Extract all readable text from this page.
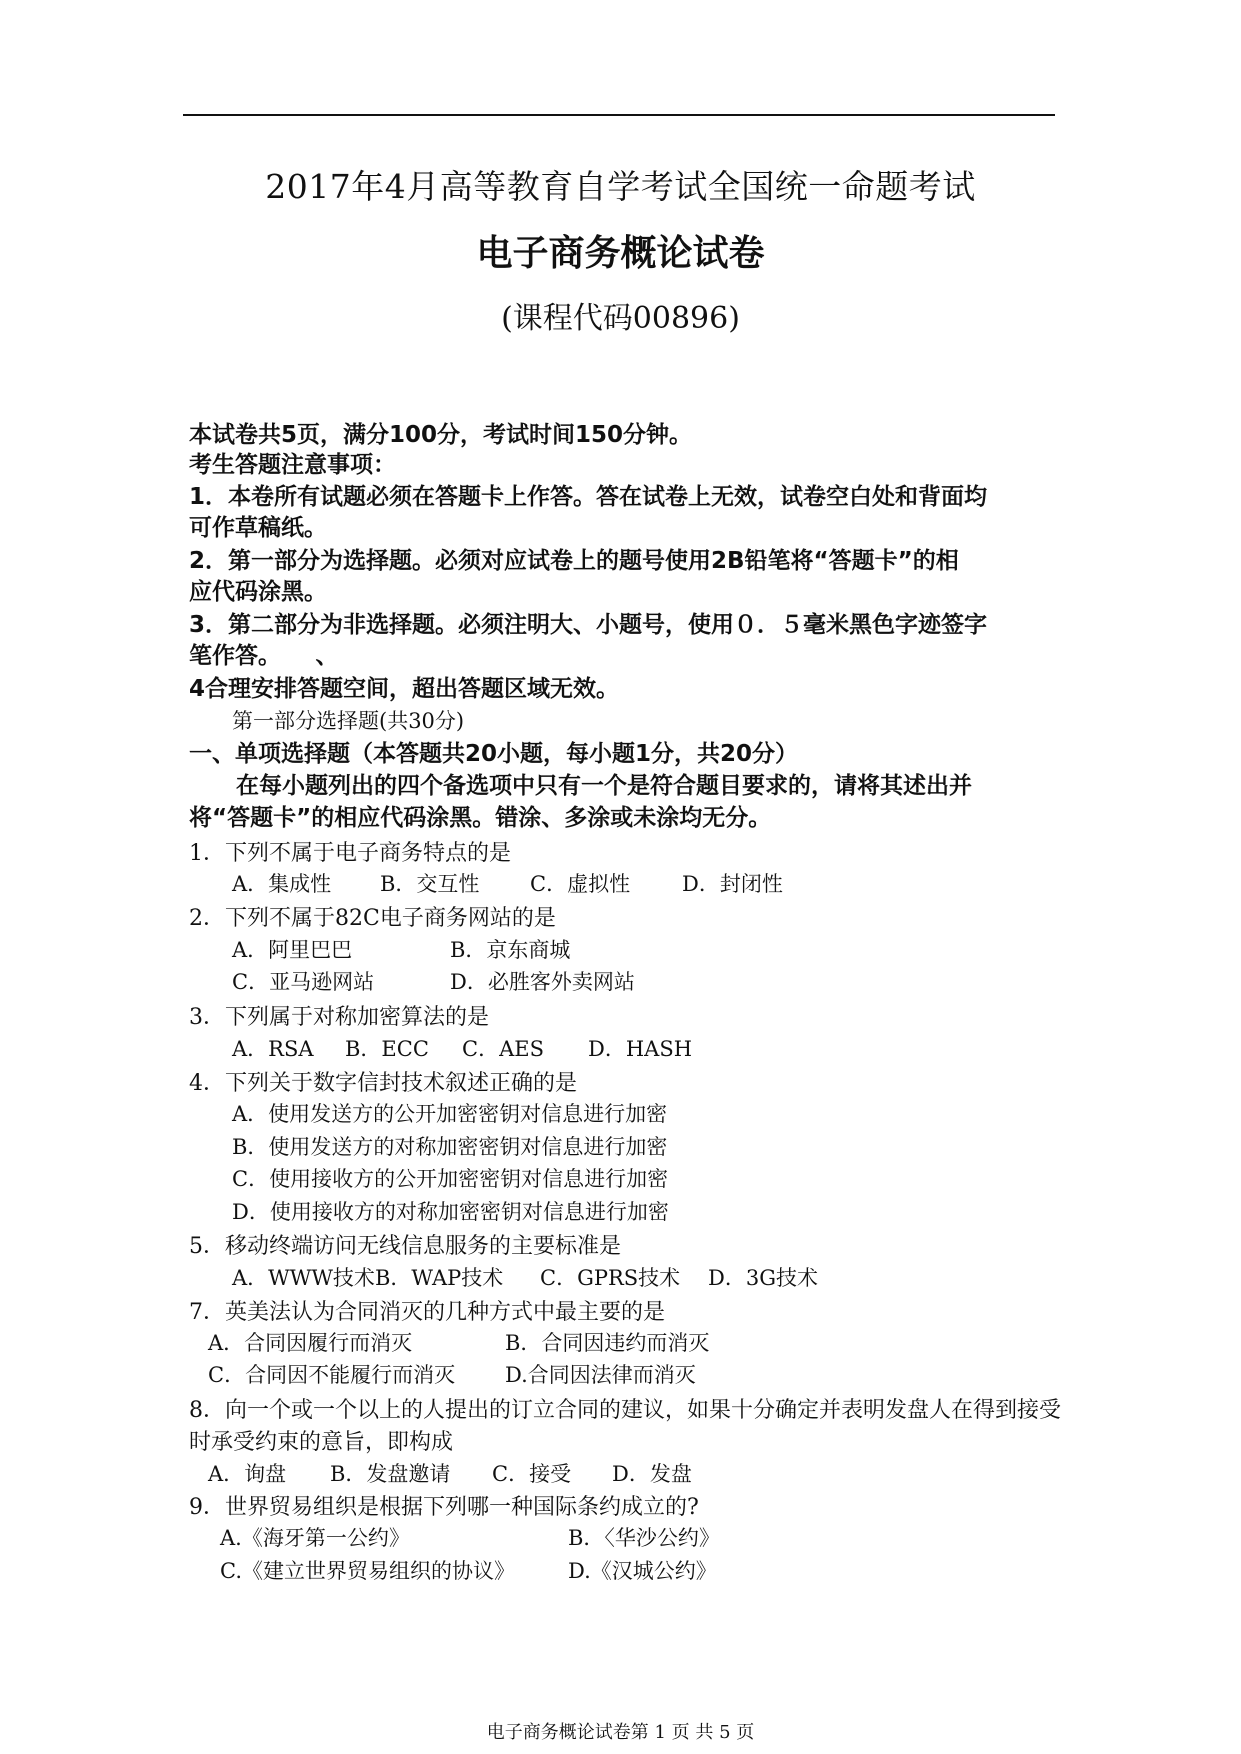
2017年4月高等教育自学考试全国统一命题考试
电子商务概论试卷
(课程代码00896)
本试卷共5页，满分100分，考试时间150分钟。
考生答题注意事项：
1．本卷所有试题必须在答题卡上作答。答在试卷上无效，试卷空白处和背面均
可作草稿纸。
2．第一部分为选择题。必须对应试卷上的题号使用2B铅笔将“答题卡”的相
应代码涂黑。
3．第二部分为非选择题。必须注明大、小题号，使用０．５毫米黑色字迹签字
笔作答。　　、
4合理安排答题空间，超出答题区域无效。
第一部分选择题(共30分)
一、单项选择题（本答题共20小题，每小题1分，共20分）
在每小题列出的四个备选项中只有一个是符合题目要求的，请将其述出并
将“答题卡”的相应代码涂黑。错涂、多涂或未涂均无分。
1．下列不属于电子商务特点的是
A．集成性 B．交互性 C．虚拟性 D．封闭性
2．下列不属于82C电子商务网站的是
A．阿里巴巴	B．京东商城
C．亚马逊网站	D．必胜客外卖网站
3．下列属于对称加密算法的是
A．RSA B．ECC C．AES D．HASH
4．下列关于数字信封技术叙述正确的是
A．使用发送方的公开加密密钥对信息进行加密
B．使用发送方的对称加密密钥对信息进行加密
C．使用接收方的公开加密密钥对信息进行加密
D．使用接收方的对称加密密钥对信息进行加密
5．移动终端访问无线信息服务的主要标准是
A．WWW技术 B．WAP技术 C．GPRS技术 D．3G技术
7．英美法认为合同消灭的几种方式中最主要的是
A．合同因履行而消灭	B．合同因违约而消灭
C．合同因不能履行而消灭 D.合同因法律而消灭
8．向一个或一个以上的人提出的订立合同的建议，如果十分确定并表明发盘人在得到接受
时承受约束的意旨，即构成
A．询盘 B．发盘邀请 C．接受 D．发盘
9．世界贸易组织是根据下列哪一种国际条约成立的?
A.《海牙第一公约》	B．〈华沙公约》
C.《建立世界贸易组织的协议》	D.《汉城公约》
电子商务概论试卷第 1 页 共 5 页
